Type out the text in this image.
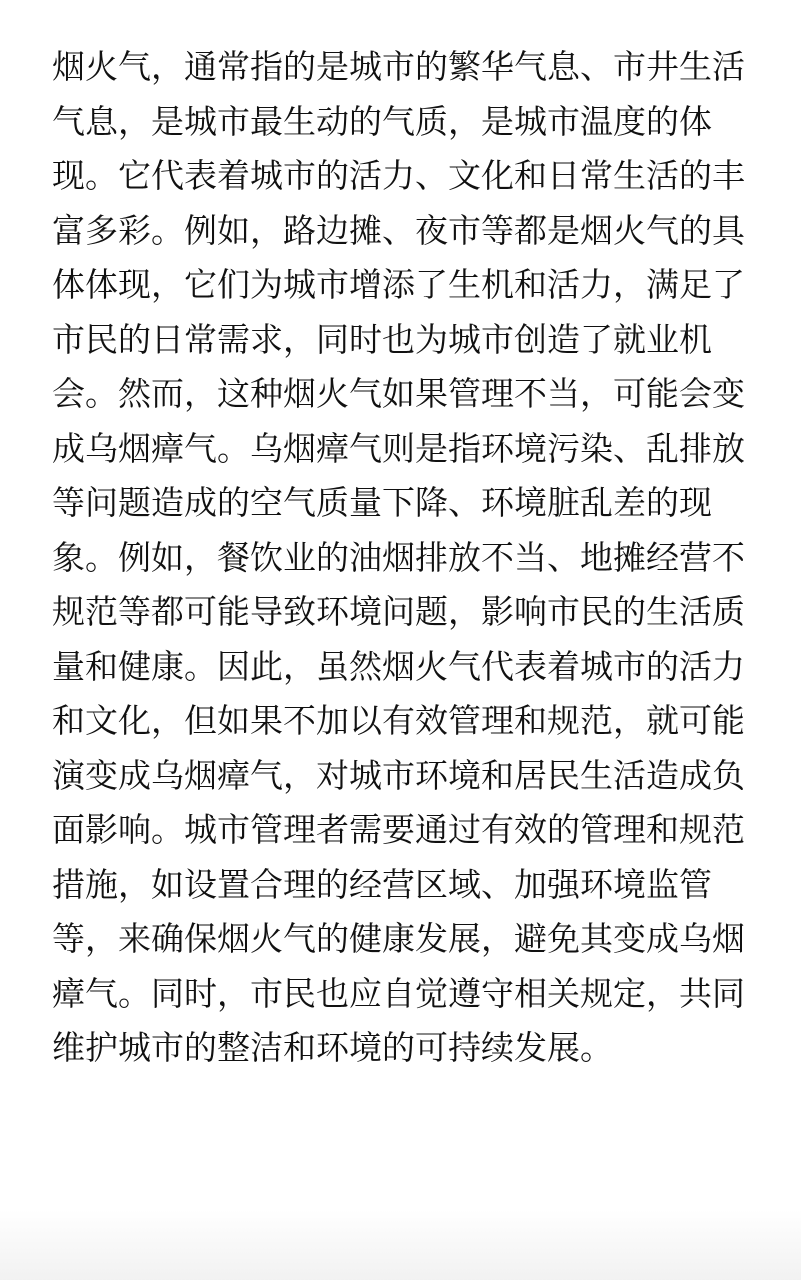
烟火气，通常指的是城市的繁华气息、市井生活
气息，是城市最生动的气质，是城市温度的体
现。它代表着城市的活力、文化和日常生活的丰
富多彩。例如，路边摊、夜市等都是烟火气的具
体体现，它们为城市增添了生机和活力，满足了
市民的日常需求，同时也为城市创造了就业机
会。然而，这种烟火气如果管理不当，可能会变
成乌烟瘴气。乌烟瘴气则是指环境污染、乱排放
等问题造成的空气质量下降、环境脏乱差的现
象。例如，餐饮业的油烟排放不当、地摊经营不
规范等都可能导致环境问题，影响市民的生活质
量和健康。因此，虽然烟火气代表着城市的活力
和文化，但如果不加以有效管理和规范，就可能
演变成乌烟瘴气，对城市环境和居民生活造成负
面影响。城市管理者需要通过有效的管理和规范
措施，如设置合理的经营区域、加强环境监管
等，来确保烟火气的健康发展，避免其变成乌烟
瘴气。同时，市民也应自觉遵守相关规定，共同
维护城市的整洁和环境的可持续发展。
